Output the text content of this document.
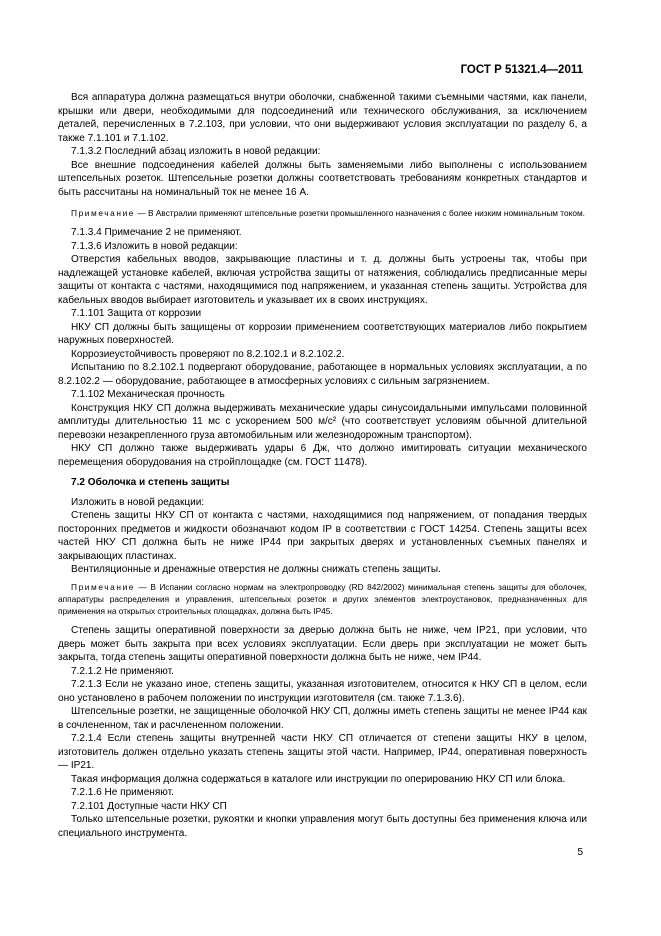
ГОСТ Р 51321.4—2011

Вся аппаратура должна размещаться внутри оболочки, снабженной такими съемными частями, как панели, крышки или двери, необходимыми для подсоединений или технического обслуживания, за исключением деталей, перечисленных в 7.2.103, при условии, что они выдерживают условия эксплуатации по разделу 6, а также 7.1.101 и 7.1.102.

7.1.3.2 Последний абзац изложить в новой редакции:

Все внешние подсоединения кабелей должны быть заменяемыми либо выполнены с использованием штепсельных розеток. Штепсельные розетки должны соответствовать требованиям конкретных стандартов и быть рассчитаны на номинальный ток не менее 16 А.

Примечание — В Австралии применяют штепсельные розетки промышленного назначения с более низким номинальным током.

7.1.3.4 Примечание 2 не применяют.

7.1.3.6 Изложить в новой редакции:

Отверстия кабельных вводов, закрывающие пластины и т. д. должны быть устроены так, чтобы при надлежащей установке кабелей, включая устройства защиты от натяжения, соблюдались предписанные меры защиты от контакта с частями, находящимися под напряжением, и указанная степень защиты. Устройства для кабельных вводов выбирает изготовитель и указывает их в своих инструкциях.

7.1.101 Защита от коррозии

НКУ СП должны быть защищены от коррозии применением соответствующих материалов либо покрытием наружных поверхностей.

Коррозиеустойчивость проверяют по 8.2.102.1 и 8.2.102.2.

Испытанию по 8.2.102.1 подвергают оборудование, работающее в нормальных условиях эксплуатации, а по 8.2.102.2 — оборудование, работающее в атмосферных условиях с сильным загрязнением.

7.1.102 Механическая прочность

Конструкция НКУ СП должна выдерживать механические удары синусоидальными импульсами половинной амплитуды длительностью 11 мс с ускорением 500 м/с² (что соответствует условиям обычной длительной перевозки незакрепленного груза автомобильным или железнодорожным транспортом).

НКУ СП должно также выдерживать удары 6 Дж, что должно имитировать ситуации механического перемещения оборудования на стройплощадке (см. ГОСТ 11478).

7.2 Оболочка и степень защиты

Изложить в новой редакции:

Степень защиты НКУ СП от контакта с частями, находящимися под напряжением, от попадания твердых посторонних предметов и жидкости обозначают кодом IP в соответствии с ГОСТ 14254. Степень защиты всех частей НКУ СП должна быть не ниже IP44 при закрытых дверях и установленных съемных панелях и закрывающих пластинах.

Вентиляционные и дренажные отверстия не должны снижать степень защиты.

Примечание — В Испании согласно нормам на электропроводку (RD 842/2002) минимальная степень защиты для оболочек, аппаратуры распределения и управления, штепсельных розеток и других элементов электроустановок, предназначенных для применения на открытых строительных площадках, должна быть IP45.

Степень защиты оперативной поверхности за дверью должна быть не ниже, чем IP21, при условии, что дверь может быть закрыта при всех условиях эксплуатации. Если дверь при эксплуатации не может быть закрыта, тогда степень защиты оперативной поверхности должна быть не ниже, чем IP44.

7.2.1.2 Не применяют.

7.2.1.3 Если не указано иное, степень защиты, указанная изготовителем, относится к НКУ СП в целом, если оно установлено в рабочем положении по инструкции изготовителя (см. также 7.1.3.6).

Штепсельные розетки, не защищенные оболочкой НКУ СП, должны иметь степень защиты не менее IP44 как в сочлененном, так и расчлененном положении.

7.2.1.4 Если степень защиты внутренней части НКУ СП отличается от степени защиты НКУ в целом, изготовитель должен отдельно указать степень защиты этой части. Например, IP44, оперативная поверхность — IP21.

Такая информация должна содержаться в каталоге или инструкции по оперированию НКУ СП или блока.

7.2.1.6 Не применяют.

7.2.101 Доступные части НКУ СП

Только штепсельные розетки, рукоятки и кнопки управления могут быть доступны без применения ключа или специального инструмента.

5
